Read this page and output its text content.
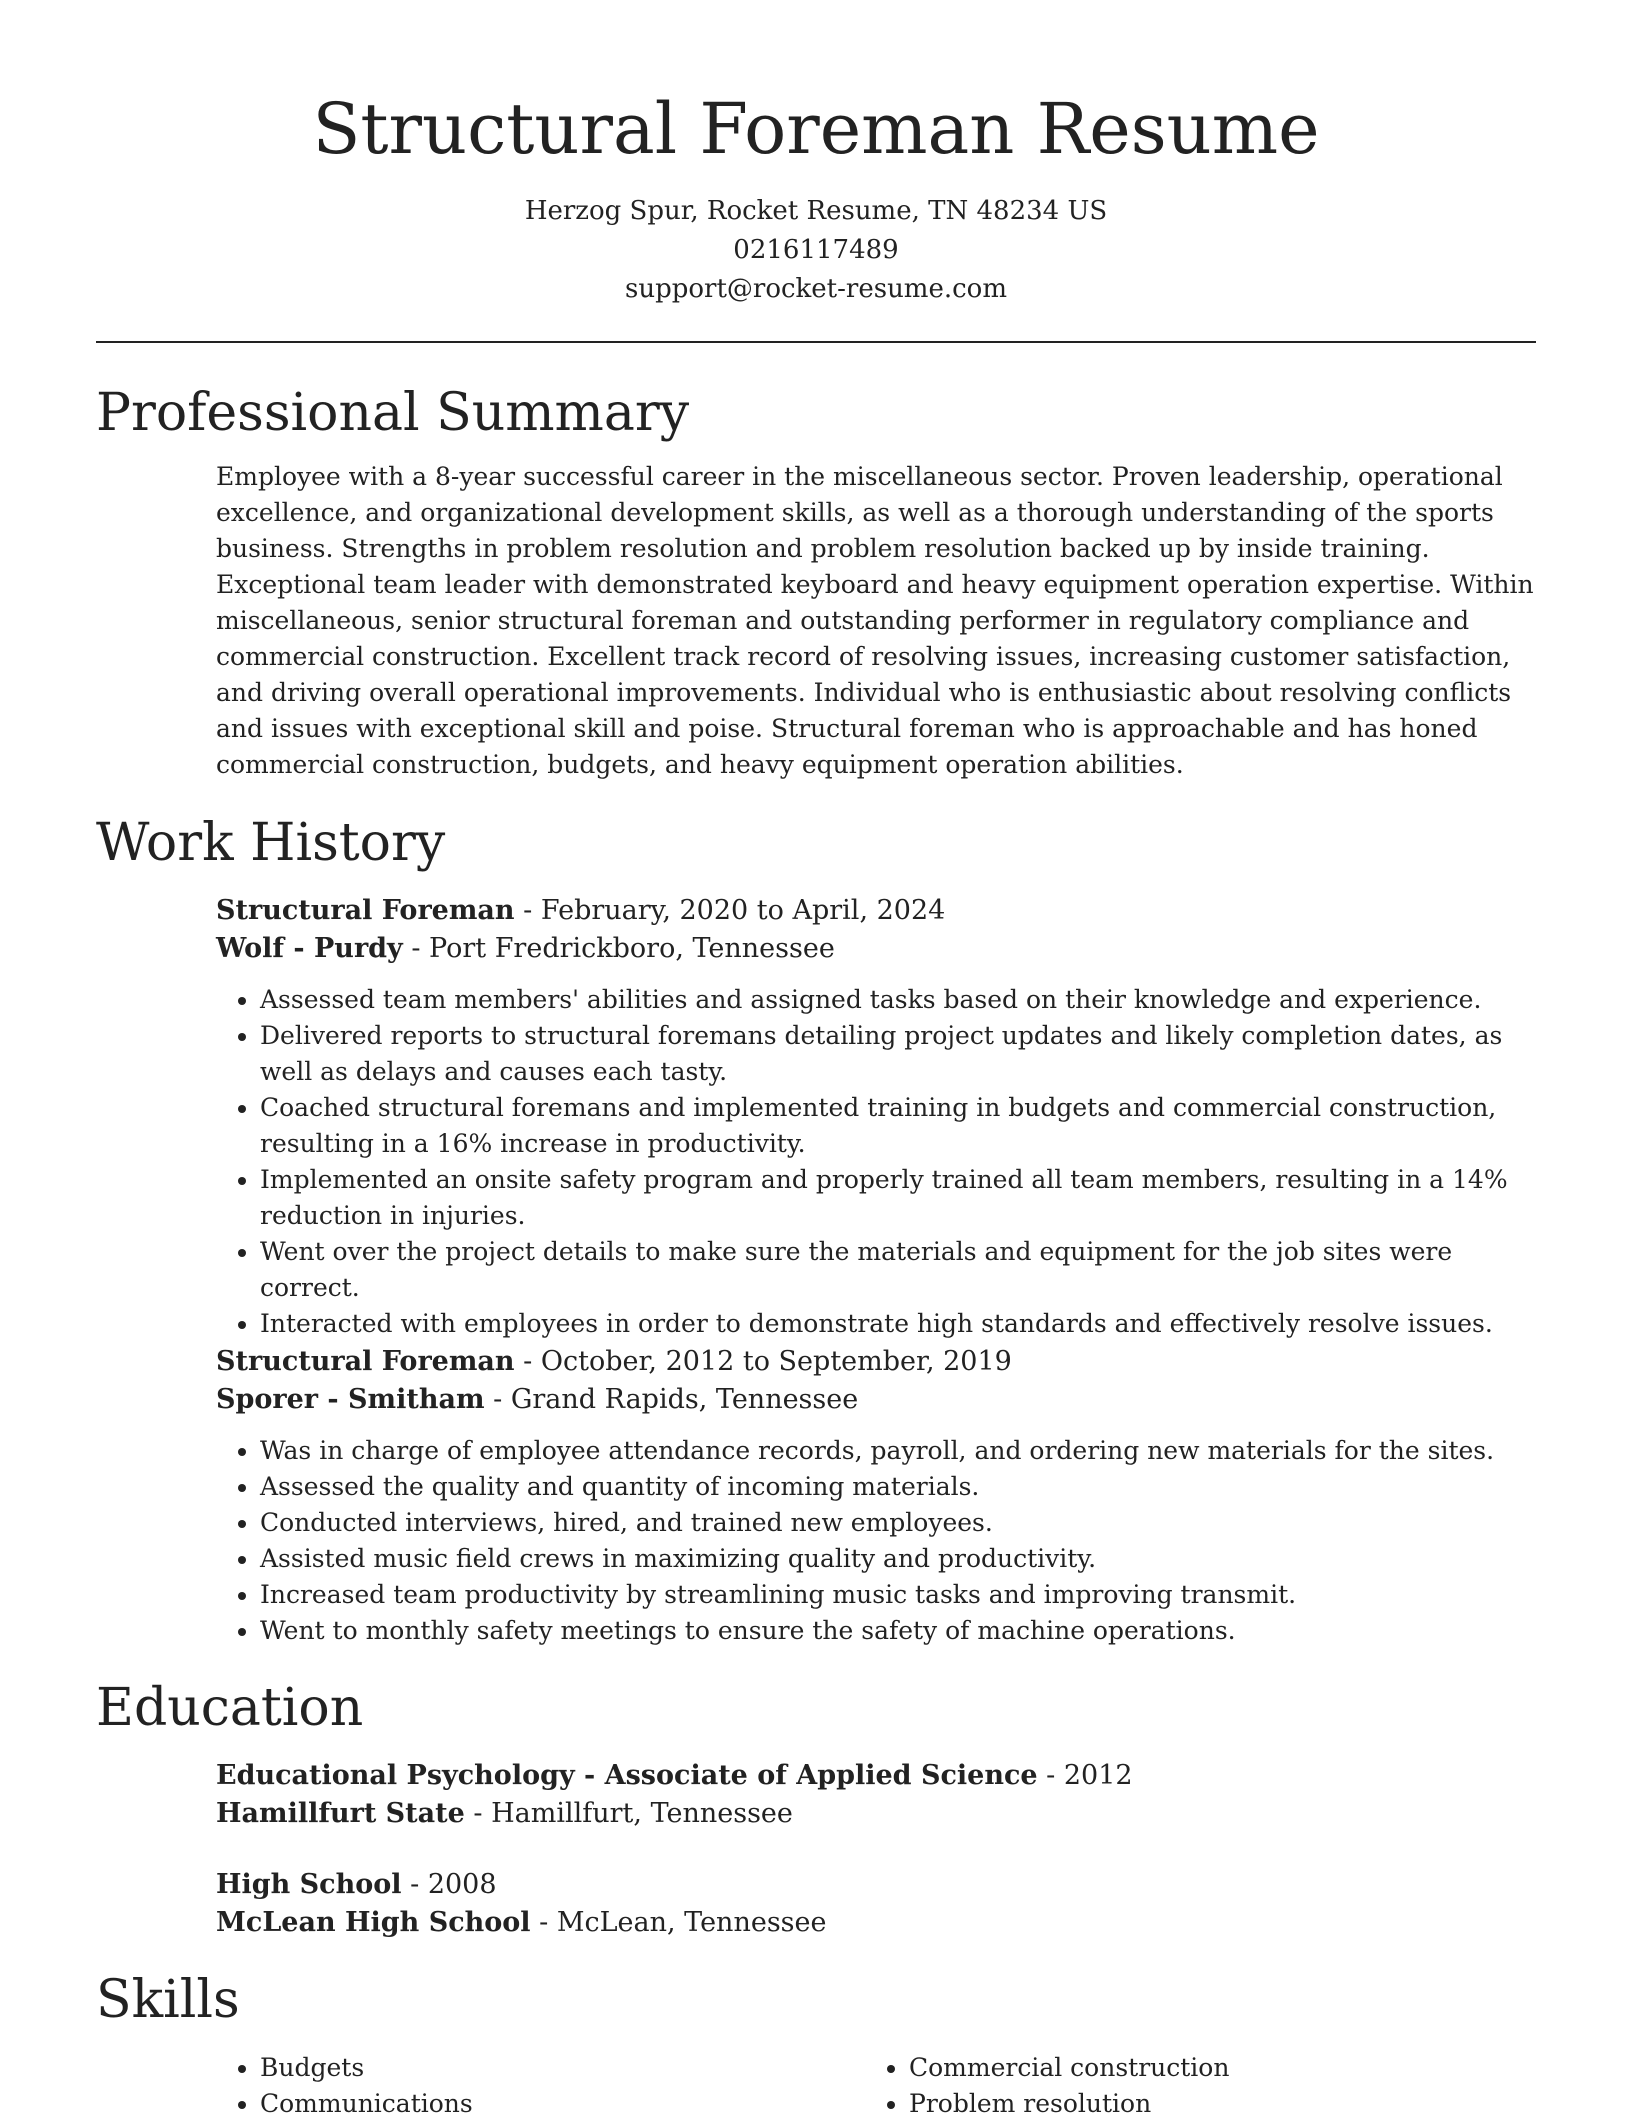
Structural Foreman Resume
Herzog Spur, Rocket Resume, TN 48234 US
0216117489
support@rocket-resume.com
Professional Summary

Employee with a 8-year successful career in the miscellaneous sector. Proven leadership, operational excellence, and organizational development skills, as well as a thorough understanding of the sports business. Strengths in problem resolution and problem resolution backed up by inside training. Exceptional team leader with demonstrated keyboard and heavy equipment operation expertise. Within miscellaneous, senior structural foreman and outstanding performer in regulatory compliance and commercial construction. Excellent track record of resolving issues, increasing customer satisfaction, and driving overall operational improvements. Individual who is enthusiastic about resolving conflicts and issues with exceptional skill and poise. Structural foreman who is approachable and has honed commercial construction, budgets, and heavy equipment operation abilities.

Work History
Structural Foreman - February, 2020 to April, 2024
Wolf - Purdy - Port Fredrickboro, Tennessee
• Assessed team members' abilities and assigned tasks based on their knowledge and experience.
• Delivered reports to structural foremans detailing project updates and likely completion dates, as well as delays and causes each tasty.
• Coached structural foremans and implemented training in budgets and commercial construction, resulting in a 16% increase in productivity.
• Implemented an onsite safety program and properly trained all team members, resulting in a 14% reduction in injuries.
• Went over the project details to make sure the materials and equipment for the job sites were correct.
• Interacted with employees in order to demonstrate high standards and effectively resolve issues.
Structural Foreman - October, 2012 to September, 2019
Sporer - Smitham - Grand Rapids, Tennessee
• Was in charge of employee attendance records, payroll, and ordering new materials for the sites.
• Assessed the quality and quantity of incoming materials.
• Conducted interviews, hired, and trained new employees.
• Assisted music field crews in maximizing quality and productivity.
• Increased team productivity by streamlining music tasks and improving transmit.
• Went to monthly safety meetings to ensure the safety of machine operations.
Education
Educational Psychology - Associate of Applied Science - 2012
Hamillfurt State - Hamillfurt, Tennessee
High School - 2008
McLean High School - McLean, Tennessee
Skills
• Budgets
• Communications
• Commercial construction
• Problem resolution
